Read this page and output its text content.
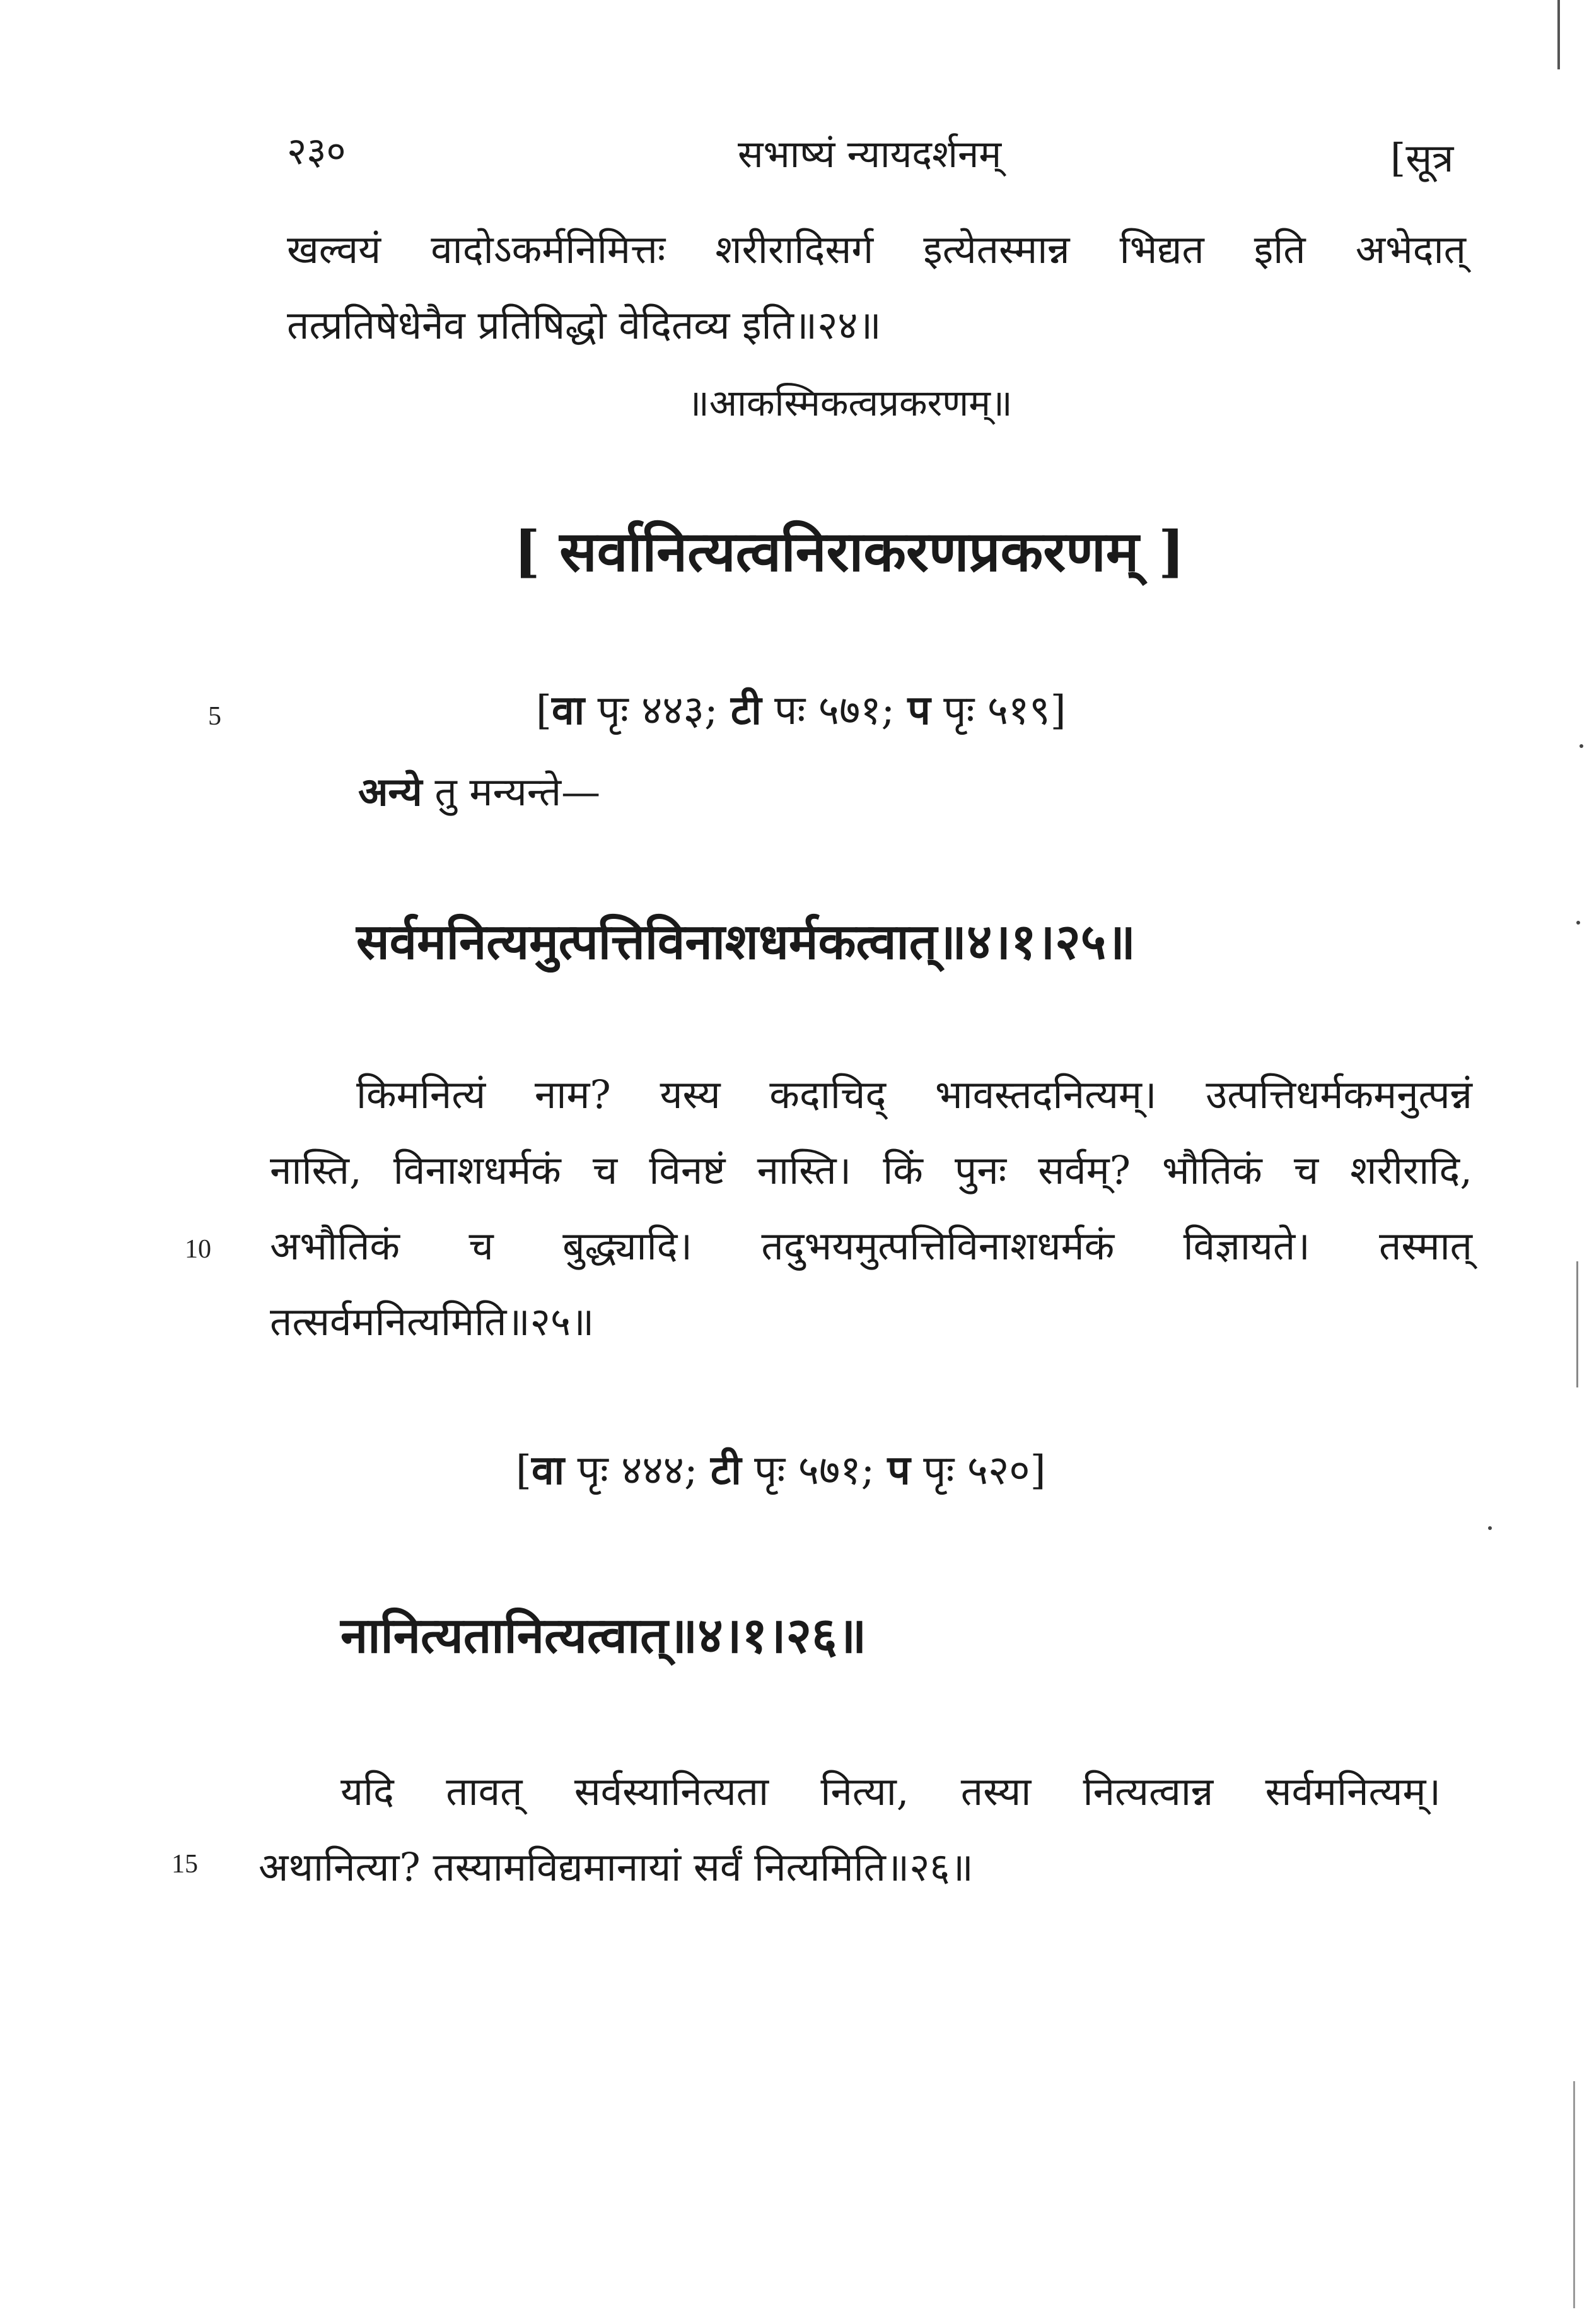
२३०	सभाष्यं न्यायदर्शनम्	[सूत्र
खल्वयं वादोऽकर्मनिमित्तः शरीरादिसर्ग इत्येतस्मान्न भिद्यत इति अभेदात्
तत्प्रतिषेधेनैव प्रतिषिद्धो वेदितव्य इति॥२४॥
॥आकस्मिकत्वप्रकरणम्॥
[ सर्वानित्यत्वनिराकरणप्रकरणम् ]
5	[वा पृः ४४३; टी पः ५७१; प पृः ५१९]
अन्ये तु मन्यन्ते—
सर्वमनित्यमुत्पत्तिविनाशधर्मकत्वात्॥४।१।२५॥
किमनित्यं नाम? यस्य कदाचिद् भावस्तदनित्यम्। उत्पत्तिधर्मकमनुत्पन्नं
नास्ति, विनाशधर्मकं च विनष्टं नास्ति। किं पुनः सर्वम्? भौतिकं च शरीरादि,
10 अभौतिकं च बुद्ध्यादि। तदुभयमुत्पत्तिविनाशधर्मकं विज्ञायते। तस्मात्
तत्सर्वमनित्यमिति॥२५॥
[वा पृः ४४४; टी पृः ५७१; प पृः ५२०]
नानित्यतानित्यत्वात्॥४।१।२६॥
यदि तावत् सर्वस्यानित्यता नित्या, तस्या नित्यत्वान्न सर्वमनित्यम्।
15 अथानित्या? तस्यामविद्यमानायां सर्वं नित्यमिति॥२६॥
